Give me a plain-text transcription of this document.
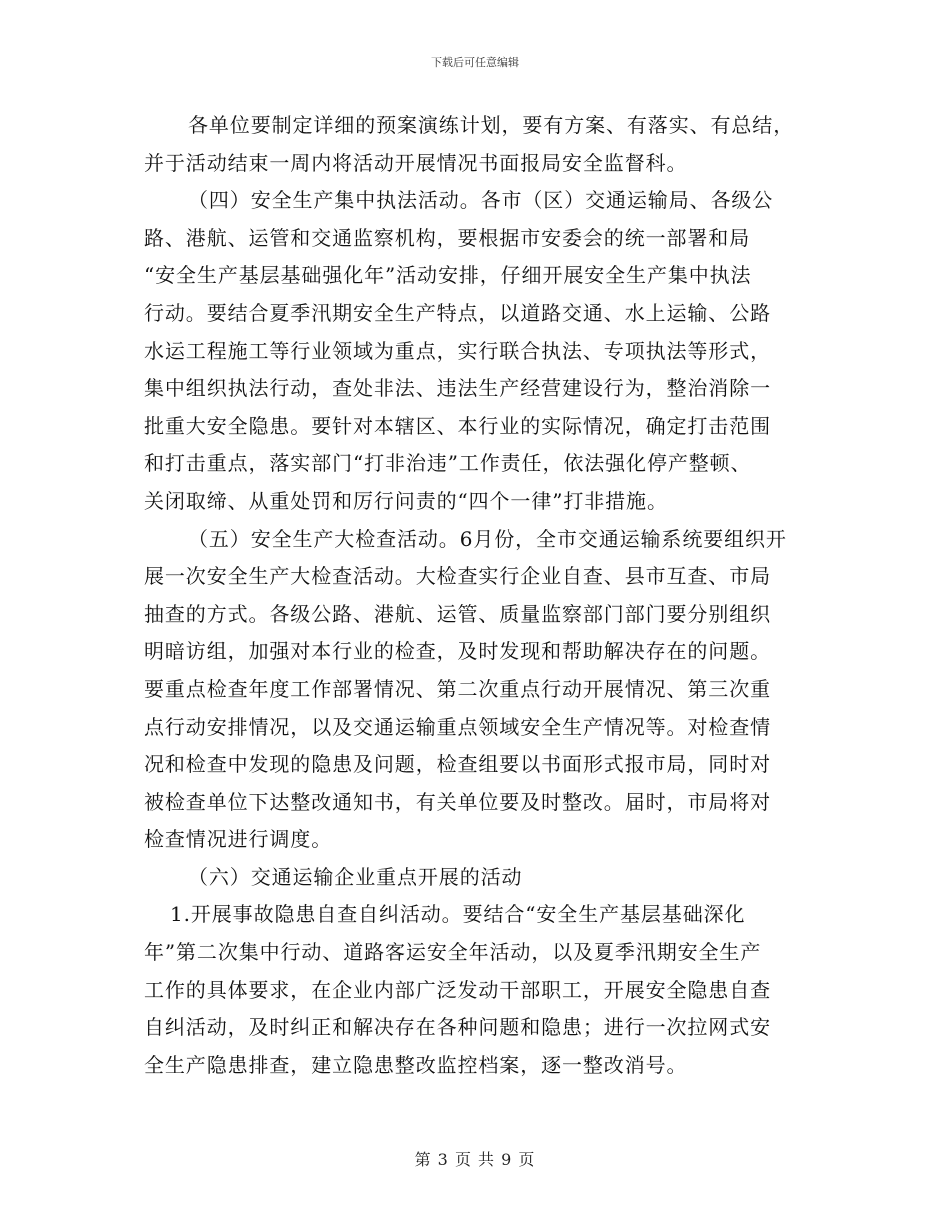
下载后可任意编辑
各单位要制定详细的预案演练计划，要有方案、有落实、有总结，
并于活动结束一周内将活动开展情况书面报局安全监督科。
（四）安全生产集中执法活动。各市（区）交通运输局、各级公
路、港航、运管和交通监察机构，要根据市安委会的统一部署和局
“安全生产基层基础强化年”活动安排，仔细开展安全生产集中执法
行动。要结合夏季汛期安全生产特点，以道路交通、水上运输、公路
水运工程施工等行业领域为重点，实行联合执法、专项执法等形式，
集中组织执法行动，查处非法、违法生产经营建设行为，整治消除一
批重大安全隐患。要针对本辖区、本行业的实际情况，确定打击范围
和打击重点，落实部门“打非治违”工作责任，依法强化停产整顿、
关闭取缔、从重处罚和厉行问责的“四个一律”打非措施。
（五）安全生产大检查活动。6月份，全市交通运输系统要组织开
展一次安全生产大检查活动。大检查实行企业自查、县市互查、市局
抽查的方式。各级公路、港航、运管、质量监察部门部门要分别组织
明暗访组，加强对本行业的检查，及时发现和帮助解决存在的问题。
要重点检查年度工作部署情况、第二次重点行动开展情况、第三次重
点行动安排情况，以及交通运输重点领域安全生产情况等。对检查情
况和检查中发现的隐患及问题，检查组要以书面形式报市局，同时对
被检查单位下达整改通知书，有关单位要及时整改。届时，市局将对
检查情况进行调度。
（六）交通运输企业重点开展的活动
1.开展事故隐患自查自纠活动。要结合“安全生产基层基础深化
年”第二次集中行动、道路客运安全年活动，以及夏季汛期安全生产
工作的具体要求，在企业内部广泛发动干部职工，开展安全隐患自查
自纠活动，及时纠正和解决存在各种问题和隐患；进行一次拉网式安
全生产隐患排查，建立隐患整改监控档案，逐一整改消号。
第 3 页 共 9 页
